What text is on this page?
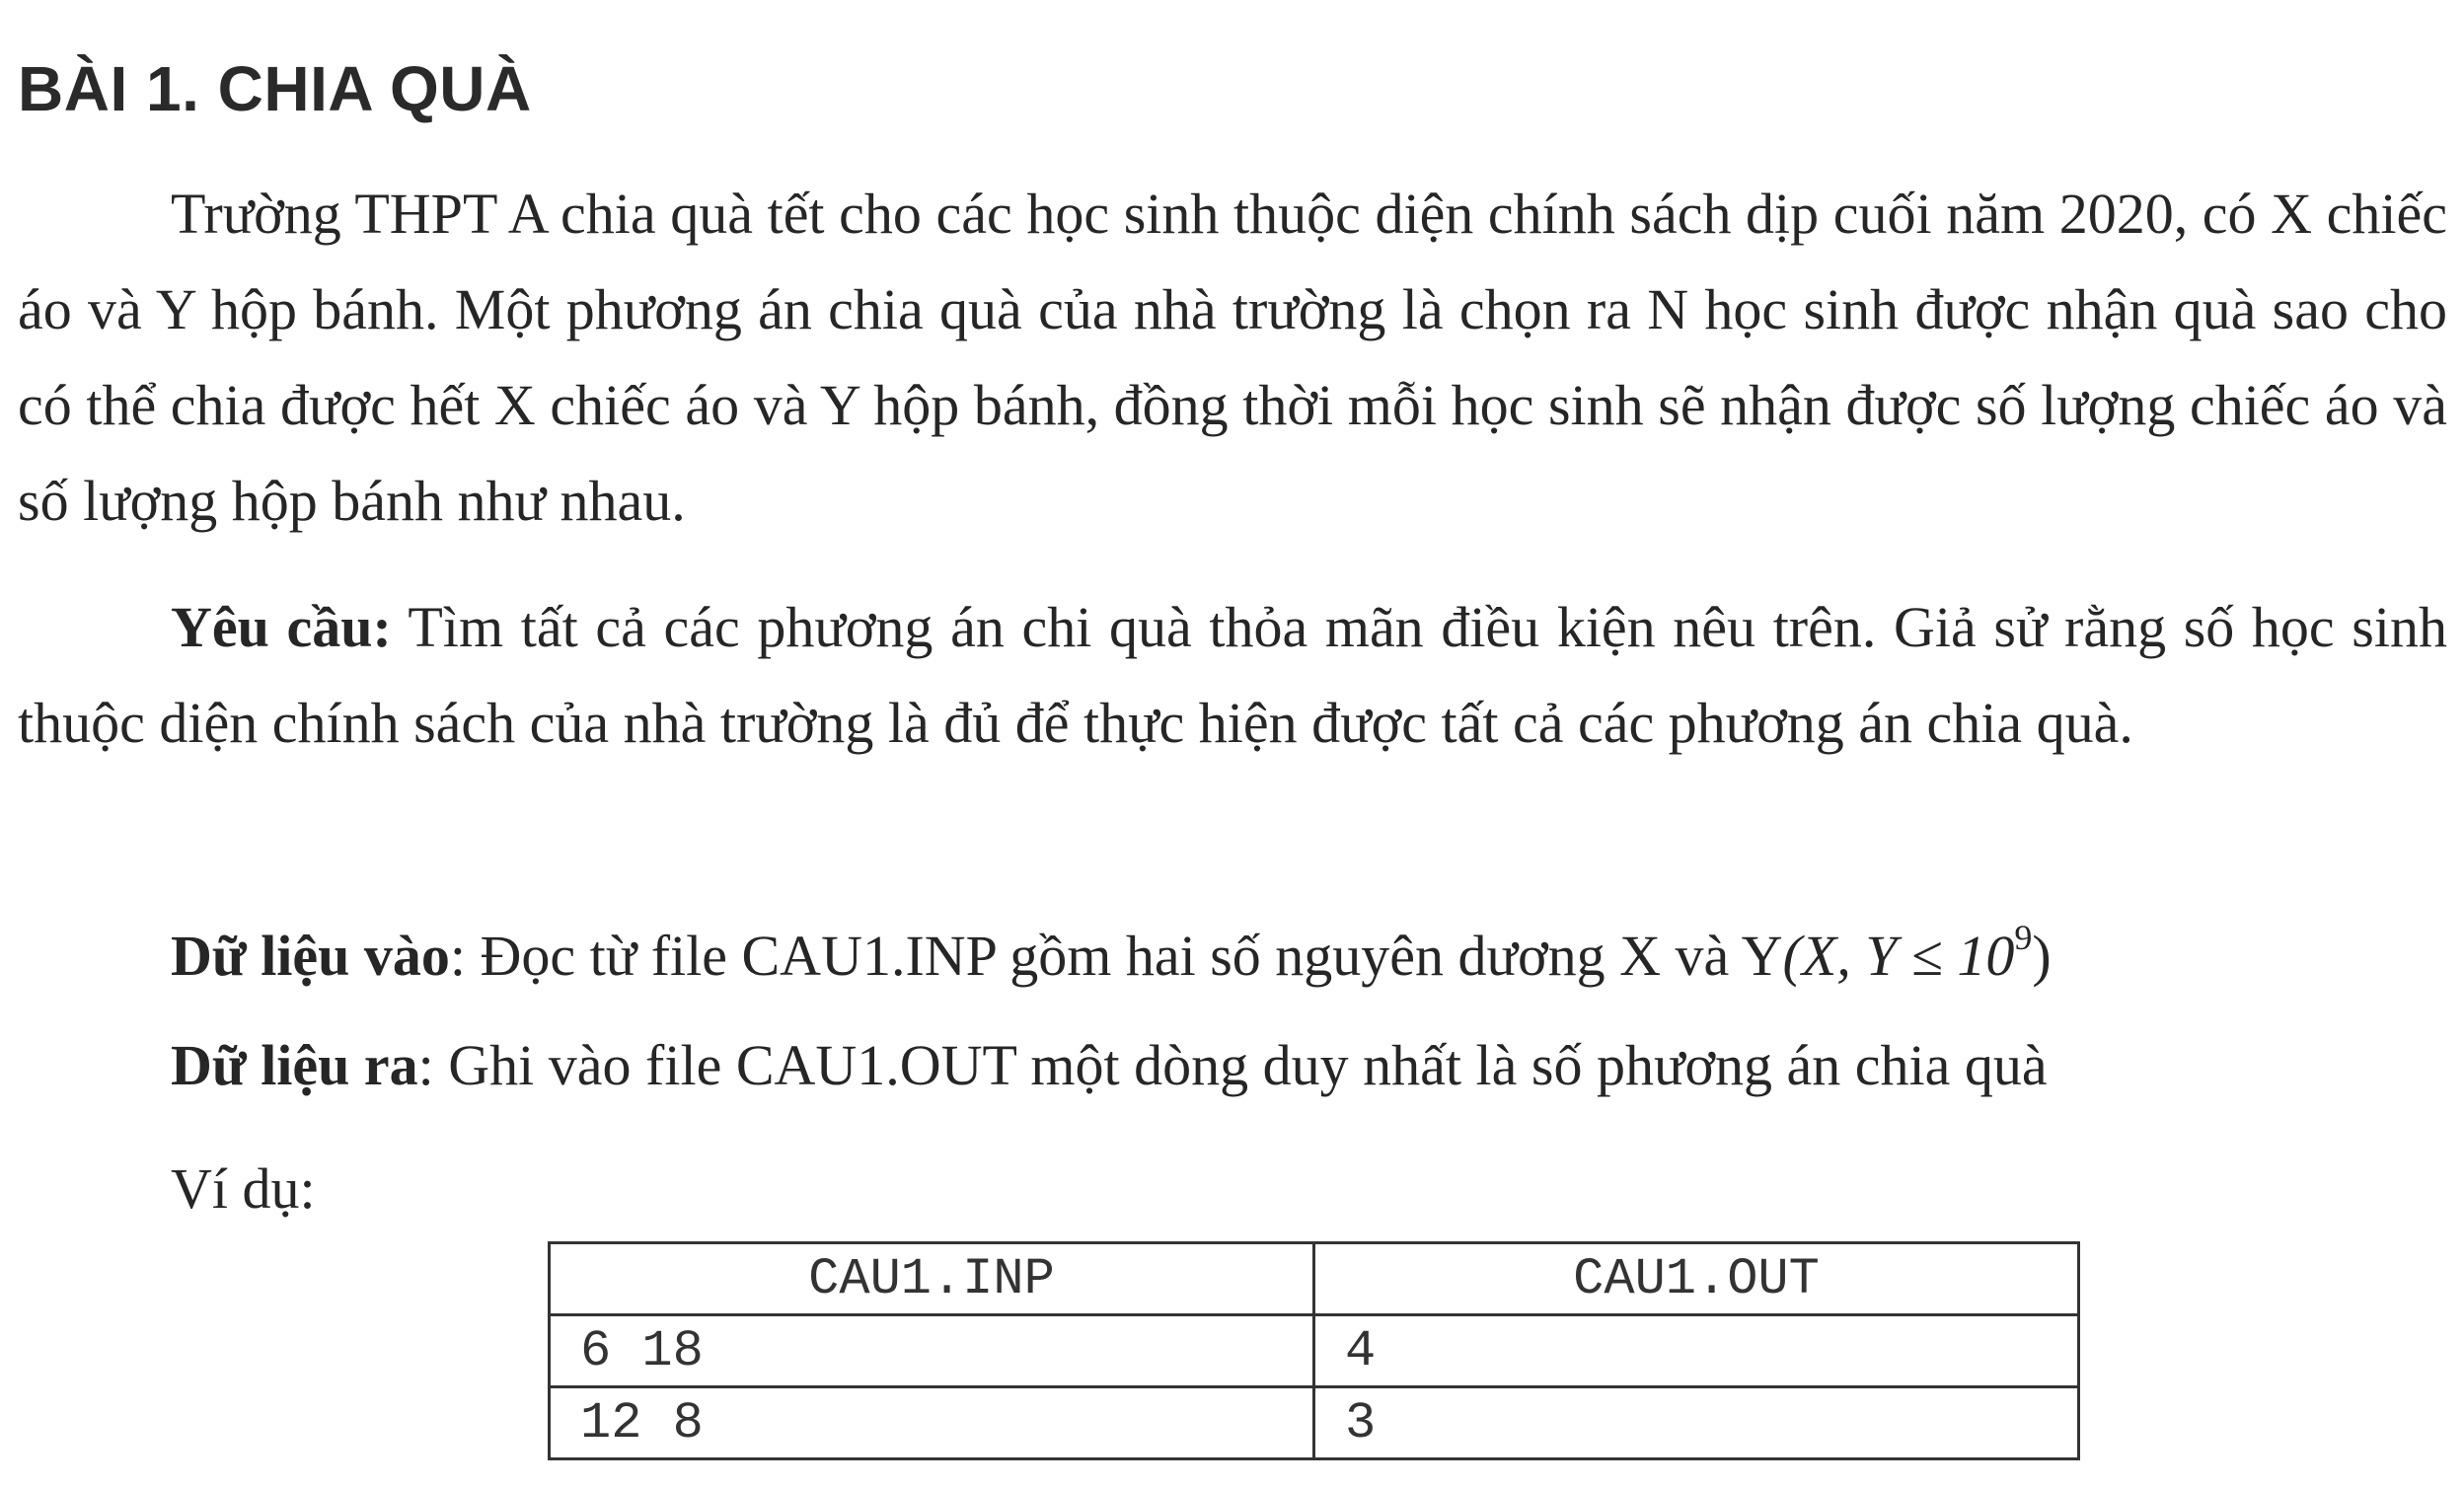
BÀI 1. CHIA QUÀ

Trường THPT A chia quà tết cho các học sinh thuộc diện chính sách dịp cuối năm 2020, có X chiếc áo và Y hộp bánh. Một phương án chia quà của nhà trường là chọn ra N học sinh được nhận quà sao cho có thể chia được hết X chiếc áo và Y hộp bánh, đồng thời mỗi học sinh sẽ nhận được số lượng chiếc áo và số lượng hộp bánh như nhau.

Yêu cầu: Tìm tất cả các phương án chi quà thỏa mãn điều kiện nêu trên. Giả sử rằng số học sinh thuộc diện chính sách của nhà trường là đủ để thực hiện được tất cả các phương án chia quà.

Dữ liệu vào: Đọc từ file CAU1.INP gồm hai số nguyên dương X và Y(X, $Y \le 10^9$)

Dữ liệu ra: Ghi vào file CAU1.OUT một dòng duy nhất là số phương án chia quà

Ví dụ:

CAU1.INP	CAU1.OUT
6 18	4
12 8	3
